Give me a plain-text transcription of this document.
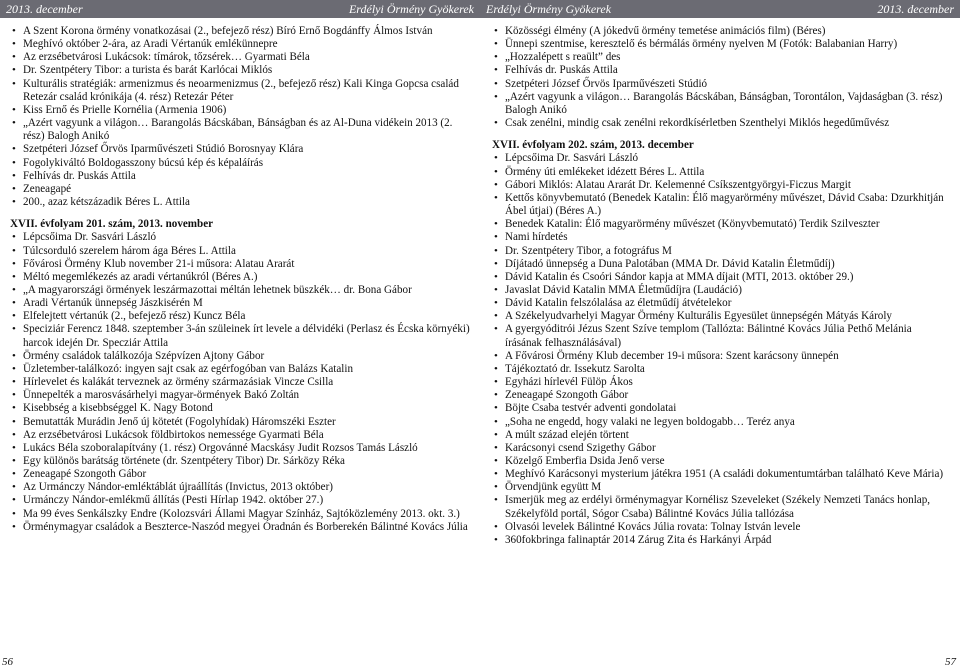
2013. december	Erdélyi Örmény Gyökerek
• A Szent Korona örmény vonatkozásai (2., befejező rész) Bíró Ernő Bogdánffy Álmos István
• Meghívó október 2-ára, az Aradi Vértanúk emlékünnepre
• Az erzsébetvárosi Lukácsok: tímárok, tőzsérek… Gyarmati Béla
• Dr. Szentpétery Tibor: a turista és barát Karlócai Miklós
• Kulturális stratégiák: armenizmus és neoarmenizmus (2., befejező rész) Kali Kinga Gopcsa család Retezár család krónikája (4. rész) Retezár Péter
• Kiss Ernő és Prielle Kornélia (Armenia 1906)
• „Azért vagyunk a világon… Barangolás Bácskában, Bánságban és az Al-Duna vidékein 2013 (2. rész) Balogh Anikó
• Szetpéteri József Őrvös Iparművészeti Stúdió Borosnyay Klára
• Fogolykiváltó Boldogasszony búcsú kép és képaláírás
• Felhívás dr. Puskás Attila
• Zeneagapé
• 200., azaz kétszázadik Béres L. Attila
XVII. évfolyam 201. szám, 2013. november
• Lépcsőima Dr. Sasvári László
• Túlcsorduló szerelem három ága Béres L. Attila
• Fővárosi Örmény Klub november 21-i műsora: Alatau Ararát
• Méltó megemlékezés az aradi vértanúkról (Béres A.)
• „A magyarországi örmények leszármazottai méltán lehetnek büszkék… dr. Bona Gábor
• Aradi Vértanúk ünnepség Jászkisérén M
• Elfelejtett vértanúk (2., befejező rész) Kuncz Béla
• Speciziár Ferencz 1848. szeptember 3-án szüleinek írt levele a délvidéki (Perlasz és Écska környéki) harcok idején Dr. Specziár Attila
• Örmény családok találkozója Szépvízen Ajtony Gábor
• Üzletember-találkozó: ingyen sajt csak az egérfogóban van Balázs Katalin
• Hírlevelet és kalákát terveznek az örmény származásiak Vincze Csilla
• Ünnepelték a marosvásárhelyi magyar-örmények Bakó Zoltán
• Kisebbség a kisebbséggel K. Nagy Botond
• Bemutatták Murádin Jenő új kötetét (Fogolyhídak) Háromszéki Eszter
• Az erzsébetvárosi Lukácsok földbirtokos nemessége Gyarmati Béla
• Lukács Béla szoboralapítvány (1. rész) Orgovánné Macskásy Judit Rozsos Tamás László
• Egy különös barátság története (dr. Szentpétery Tibor) Dr. Sárközy Réka
• Zeneagapé Szongoth Gábor
• Az Urmánczy Nándor-emléktáblát újraállítás (Invictus, 2013 október)
• Urmánczy Nándor-emlékmű állítás (Pesti Hírlap 1942. október 27.)
• Ma 99 éves Senkálszky Endre (Kolozsvári Állami Magyar Színház, Sajtóközlemény 2013. okt. 3.)
• Örménymagyar családok a Beszterce-Naszód megyei Óradnán és Borberekén Bálintné Kovács Júlia
56
Erdélyi Örmény Gyökerek	2013. december
• Közösségi élmény (A jókedvű örmény temetése animációs film) (Béres)
• Ünnepi szentmise, keresztelő és bérmálás örmény nyelven M (Fotók: Balabanian Harry)
• „Hozzalépett s reaült” des
• Felhívás dr. Puskás Attila
• Szetpéteri József Őrvös Iparművészeti Stúdió
• „Azért vagyunk a világon… Barangolás Bácskában, Bánságban, Torontálon, Vajdaságban (3. rész) Balogh Anikó
• Csak zenélni, mindig csak zenélni rekordkísérletben Szenthelyi Miklós hegedűművész
XVII. évfolyam 202. szám, 2013. december
• Lépcsőima Dr. Sasvári László
• Örmény úti emlékeket idézett Béres L. Attila
• Gábori Miklós: Alatau Ararát Dr. Kelemenné Csíkszentgyörgyi-Ficzus Margit
• Kettős könyvbemutató (Benedek Katalin: Élő magyarörmény művészet, Dávid Csaba: Dzurkhitján Ábel útjai) (Béres A.)
• Benedek Katalin: Élő magyarörmény művészet (Könyvbemutató) Terdik Szilveszter
• Nami hírdetés
• Dr. Szentpétery Tibor, a fotográfus M
• Díjátadó ünnepség a Duna Palotában (MMA Dr. Dávid Katalin Életműdíj)
• Dávid Katalin és Csoóri Sándor kapja at MMA díjait (MTI, 2013. október 29.)
• Javaslat Dávid Katalin MMA Életműdíjra (Laudáció)
• Dávid Katalin felszólalása az életműdíj átvételekor
• A Székelyudvarhelyi Magyar Örmény Kulturális Egyesület ünnepségén Mátyás Károly
• A gyergyóditrói Jézus Szent Szíve templom (Tallózta: Bálintné Kovács Júlia Pethő Melánia írásának felhasználásával)
• A Fővárosi Örmény Klub december 19-i műsora: Szent karácsony ünnepén
• Tájékoztató dr. Issekutz Sarolta
• Egyházi hírlevél Fülöp Ákos
• Zeneagapé Szongoth Gábor
• Böjte Csaba testvér adventi gondolatai
• „Soha ne engedd, hogy valaki ne legyen boldogabb… Teréz anya
• A múlt század elején törtent
• Karácsonyi csend Szigethy Gábor
• Közelgő Emberfia Dsida Jenő verse
• Meghívó Karácsonyi mysterium játékra 1951 (A családi dokumentumtárban található Keve Mária)
• Örvendjünk együtt M
• Ismerjük meg az erdélyi örménymagyar Kornélisz Szeveleket (Székely Nemzeti Tanács honlap, Székelyföld portál, Sógor Csaba) Bálintné Kovács Júlia tallózása
• Olvasói levelek Bálintné Kovács Júlia rovata: Tolnay István levele
• 360fokbringa falinaptár 2014 Zárug Zita és Harkányi Árpád
57
